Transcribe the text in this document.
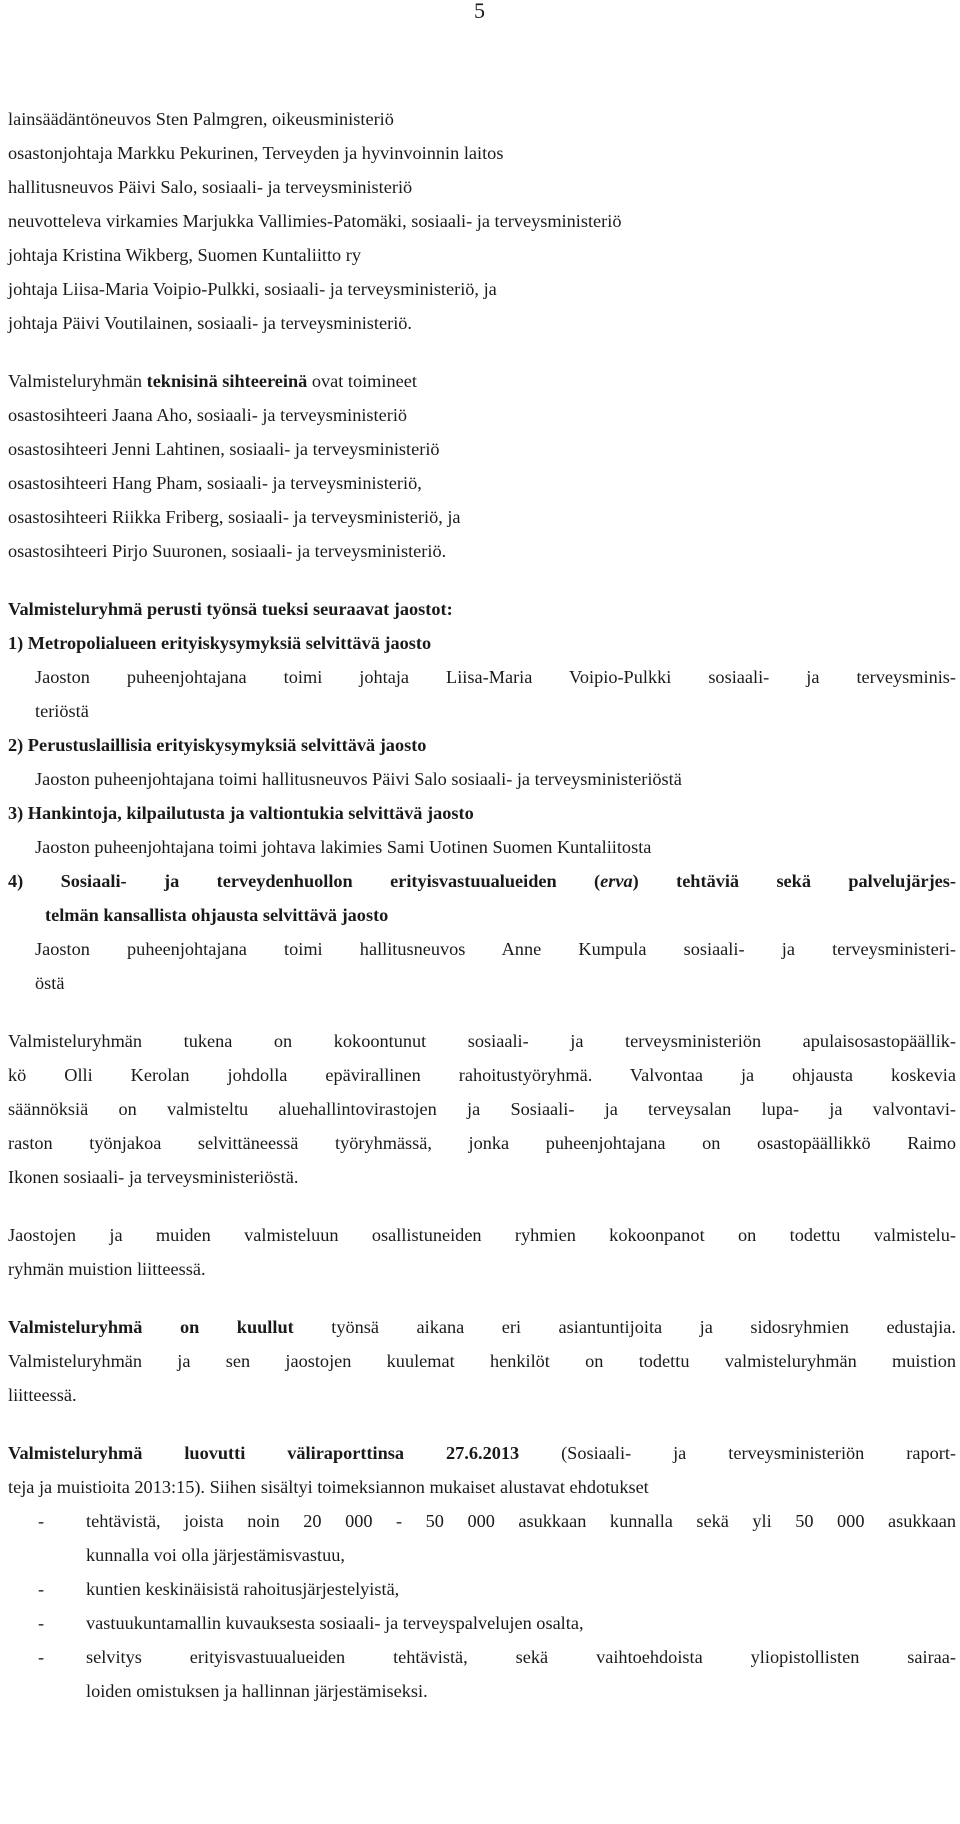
5
lainsäädäntöneuvos Sten Palmgren, oikeusministeriö
osastonjohtaja Markku Pekurinen, Terveyden ja hyvinvoinnin laitos
hallitusneuvos Päivi Salo, sosiaali- ja terveysministeriö
neuvotteleva virkamies Marjukka Vallimies-Patomäki, sosiaali- ja terveysministeriö
johtaja Kristina Wikberg, Suomen Kuntaliitto ry
johtaja Liisa-Maria Voipio-Pulkki, sosiaali- ja terveysministeriö, ja
johtaja Päivi Voutilainen, sosiaali- ja terveysministeriö.
Valmisteluryhmän teknisinä sihteereinä ovat toimineet
osastosihteeri Jaana Aho, sosiaali- ja terveysministeriö
osastosihteeri Jenni Lahtinen, sosiaali- ja terveysministeriö
osastosihteeri Hang Pham, sosiaali- ja terveysministeriö,
osastosihteeri Riikka Friberg, sosiaali- ja terveysministeriö, ja
osastosihteeri Pirjo Suuronen, sosiaali- ja terveysministeriö.
Valmisteluryhmä perusti työnsä tueksi seuraavat jaostot:
1) Metropolialueen erityiskysymyksiä selvittävä jaosto
Jaoston puheenjohtajana toimi johtaja Liisa-Maria Voipio-Pulkki sosiaali- ja terveysminis-
teriöstä
2) Perustuslaillisia erityiskysymyksiä selvittävä jaosto
Jaoston puheenjohtajana toimi hallitusneuvos Päivi Salo sosiaali- ja terveysministeriöstä
3) Hankintoja, kilpailutusta ja valtiontukia selvittävä jaosto
Jaoston puheenjohtajana toimi johtava lakimies Sami Uotinen Suomen Kuntaliitosta
4) Sosiaali- ja terveydenhuollon erityisvastuualueiden (erva) tehtäviä sekä palvelujärjes-
telmän kansallista ohjausta selvittävä jaosto
Jaoston puheenjohtajana toimi hallitusneuvos Anne Kumpula sosiaali- ja terveysministeri-
östä
Valmisteluryhmän tukena on kokoontunut sosiaali- ja terveysministeriön apulaisosastopäällik-
kö Olli Kerolan johdolla epävirallinen rahoitustyöryhmä. Valvontaa ja ohjausta koskevia
säännöksiä on valmisteltu aluehallintovirastojen ja Sosiaali- ja terveysalan lupa- ja valvontavi-
raston työnjakoa selvittäneessä työryhmässä, jonka puheenjohtajana on osastopäällikkö Raimo
Ikonen sosiaali- ja terveysministeriöstä.
Jaostojen ja muiden valmisteluun osallistuneiden ryhmien kokoonpanot on todettu valmistelu-
ryhmän muistion liitteessä.
Valmisteluryhmä on kuullut työnsä aikana eri asiantuntijoita ja sidosryhmien edustajia.
Valmisteluryhmän ja sen jaostojen kuulemat henkilöt on todettu valmisteluryhmän muistion
liitteessä.
Valmisteluryhmä luovutti väliraporttinsa 27.6.2013 (Sosiaali- ja terveysministeriön raport-
teja ja muistioita 2013:15). Siihen sisältyi toimeksiannon mukaiset alustavat ehdotukset
-	tehtävistä, joista noin 20 000 - 50 000 asukkaan kunnalla sekä yli 50 000 asukkaan
kunnalla voi olla järjestämisvastuu,
-	kuntien keskinäisistä rahoitusjärjestelyistä,
-	vastuukuntamallin kuvauksesta sosiaali- ja terveyspalvelujen osalta,
-	selvitys erityisvastuualueiden tehtävistä, sekä vaihtoehdoista yliopistollisten sairaa-
loiden omistuksen ja hallinnan järjestämiseksi.
